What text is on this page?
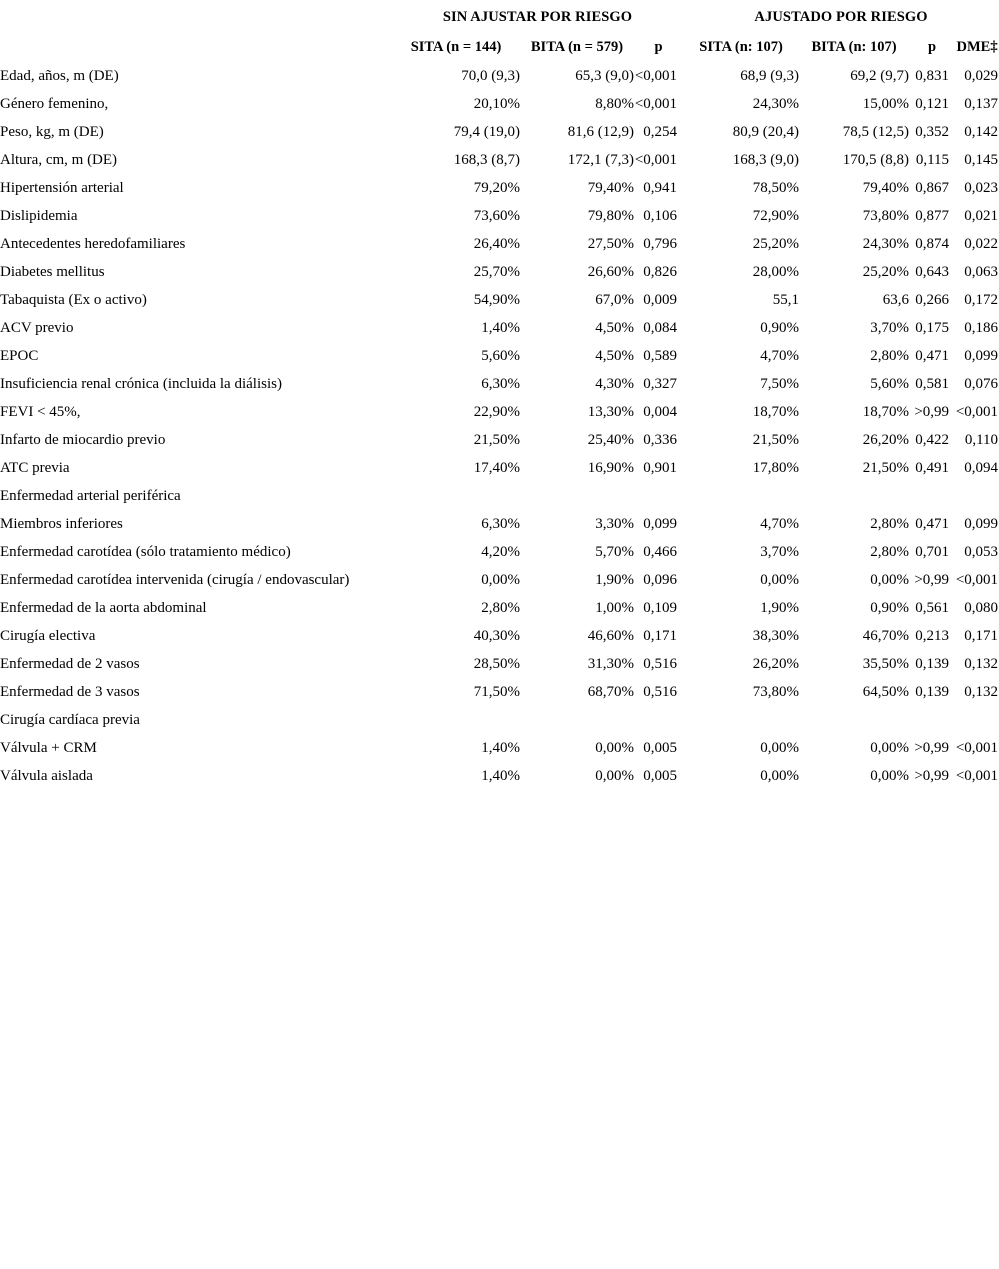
	SIN AJUSTAR POR RIESGO			AJUSTADO POR RIESGO			
	SITA (n = 144)	BITA (n = 579)	p	SITA (n: 107)	BITA (n: 107)	p	DME‡
Edad, años, m (DE)	70,0 (9,3)	65,3 (9,0)	<0,001	68,9 (9,3)	69,2 (9,7)	0,831	0,029
Género femenino,	20,10%	8,80%	<0,001	24,30%	15,00%	0,121	0,137
Peso, kg, m (DE)	79,4 (19,0)	81,6 (12,9)	0,254	80,9 (20,4)	78,5 (12,5)	0,352	0,142
Altura, cm, m (DE)	168,3 (8,7)	172,1 (7,3)	<0,001	168,3 (9,0)	170,5 (8,8)	0,115	0,145
Hipertensión arterial	79,20%	79,40%	0,941	78,50%	79,40%	0,867	0,023
Dislipidemia	73,60%	79,80%	0,106	72,90%	73,80%	0,877	0,021
Antecedentes heredofamiliares	26,40%	27,50%	0,796	25,20%	24,30%	0,874	0,022
Diabetes mellitus	25,70%	26,60%	0,826	28,00%	25,20%	0,643	0,063
Tabaquista (Ex o activo)	54,90%	67,0%	0,009	55,1	63,6	0,266	0,172
ACV previo	1,40%	4,50%	0,084	0,90%	3,70%	0,175	0,186
EPOC	5,60%	4,50%	0,589	4,70%	2,80%	0,471	0,099
Insuficiencia renal crónica (incluida la diálisis)	6,30%	4,30%	0,327	7,50%	5,60%	0,581	0,076
FEVI < 45%,	22,90%	13,30%	0,004	18,70%	18,70%	>0,99	<0,001
Infarto de miocardio previo	21,50%	25,40%	0,336	21,50%	26,20%	0,422	0,110
ATC previa	17,40%	16,90%	0,901	17,80%	21,50%	0,491	0,094
Enfermedad arterial periférica							
Miembros inferiores	6,30%	3,30%	0,099	4,70%	2,80%	0,471	0,099
Enfermedad carotídea (sólo tratamiento médico)	4,20%	5,70%	0,466	3,70%	2,80%	0,701	0,053
Enfermedad carotídea intervenida (cirugía / endovascular)	0,00%	1,90%	0,096	0,00%	0,00%	>0,99	<0,001
Enfermedad de la aorta abdominal	2,80%	1,00%	0,109	1,90%	0,90%	0,561	0,080
Cirugía electiva	40,30%	46,60%	0,171	38,30%	46,70%	0,213	0,171
Enfermedad de 2 vasos	28,50%	31,30%	0,516	26,20%	35,50%	0,139	0,132
Enfermedad de 3 vasos	71,50%	68,70%	0,516	73,80%	64,50%	0,139	0,132
Cirugía cardíaca previa							
Válvula + CRM	1,40%	0,00%	0,005	0,00%	0,00%	>0,99	<0,001
Válvula aislada	1,40%	0,00%	0,005	0,00%	0,00%	>0,99	<0,001
